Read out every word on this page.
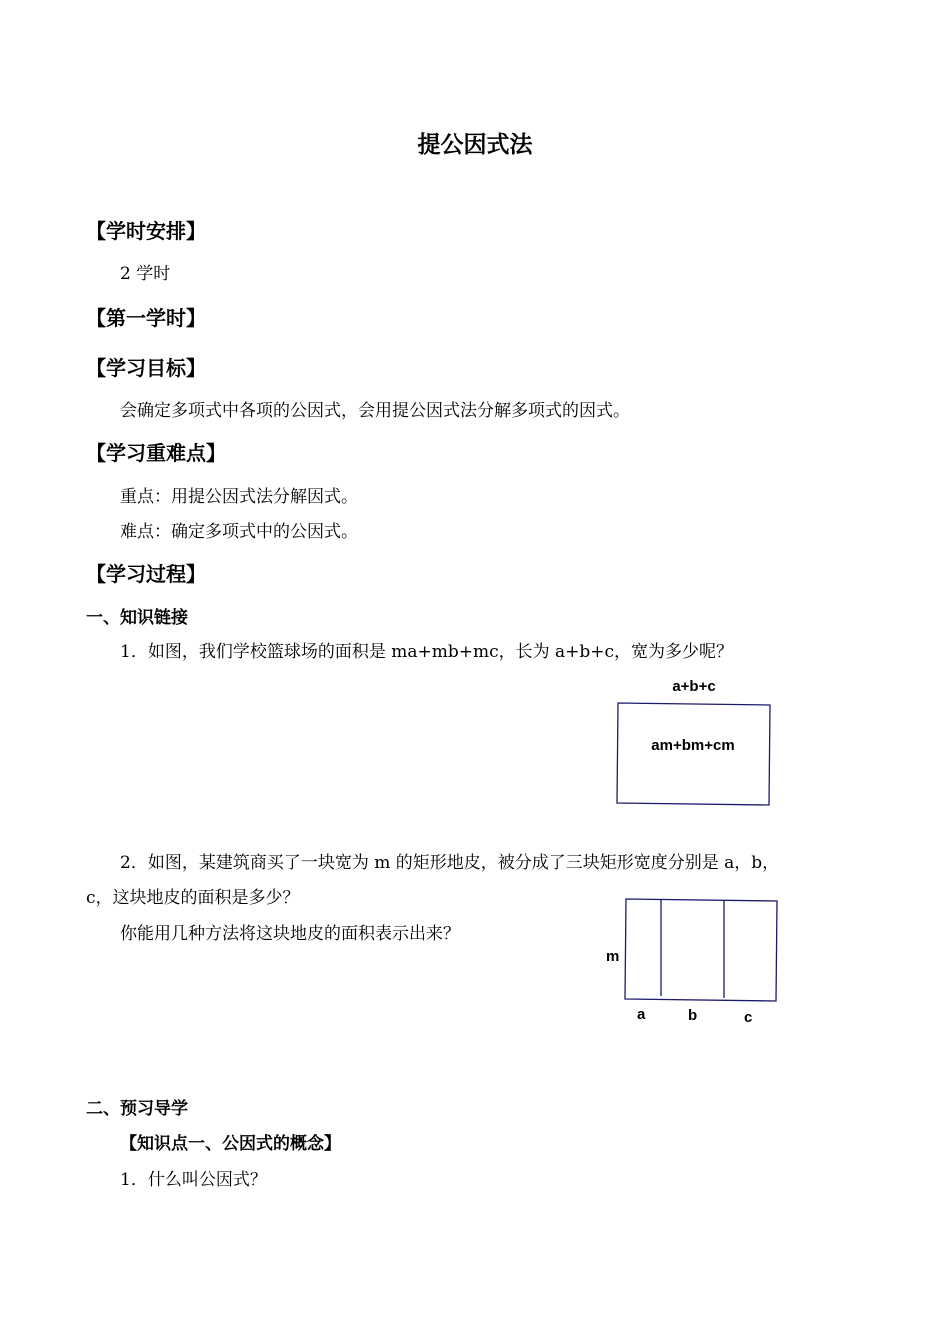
提公因式法
【学时安排】
2 学时
【第一学时】
【学习目标】
会确定多项式中各项的公因式，会用提公因式法分解多项式的因式。
【学习重难点】
重点：用提公因式法分解因式。
难点：确定多项式中的公因式。
【学习过程】
一、知识链接
1．如图，我们学校篮球场的面积是 ma+mb+mc，长为 a+b+c，宽为多少呢？
a+b+c
am+bm+cm
2．如图，某建筑商买了一块宽为 m 的矩形地皮，被分成了三块矩形宽度分别是 a，b，
c，这块地皮的面积是多少？
你能用几种方法将这块地皮的面积表示出来？
m
a	b	c
二、预习导学
【知识点一、公因式的概念】
1．什么叫公因式？
